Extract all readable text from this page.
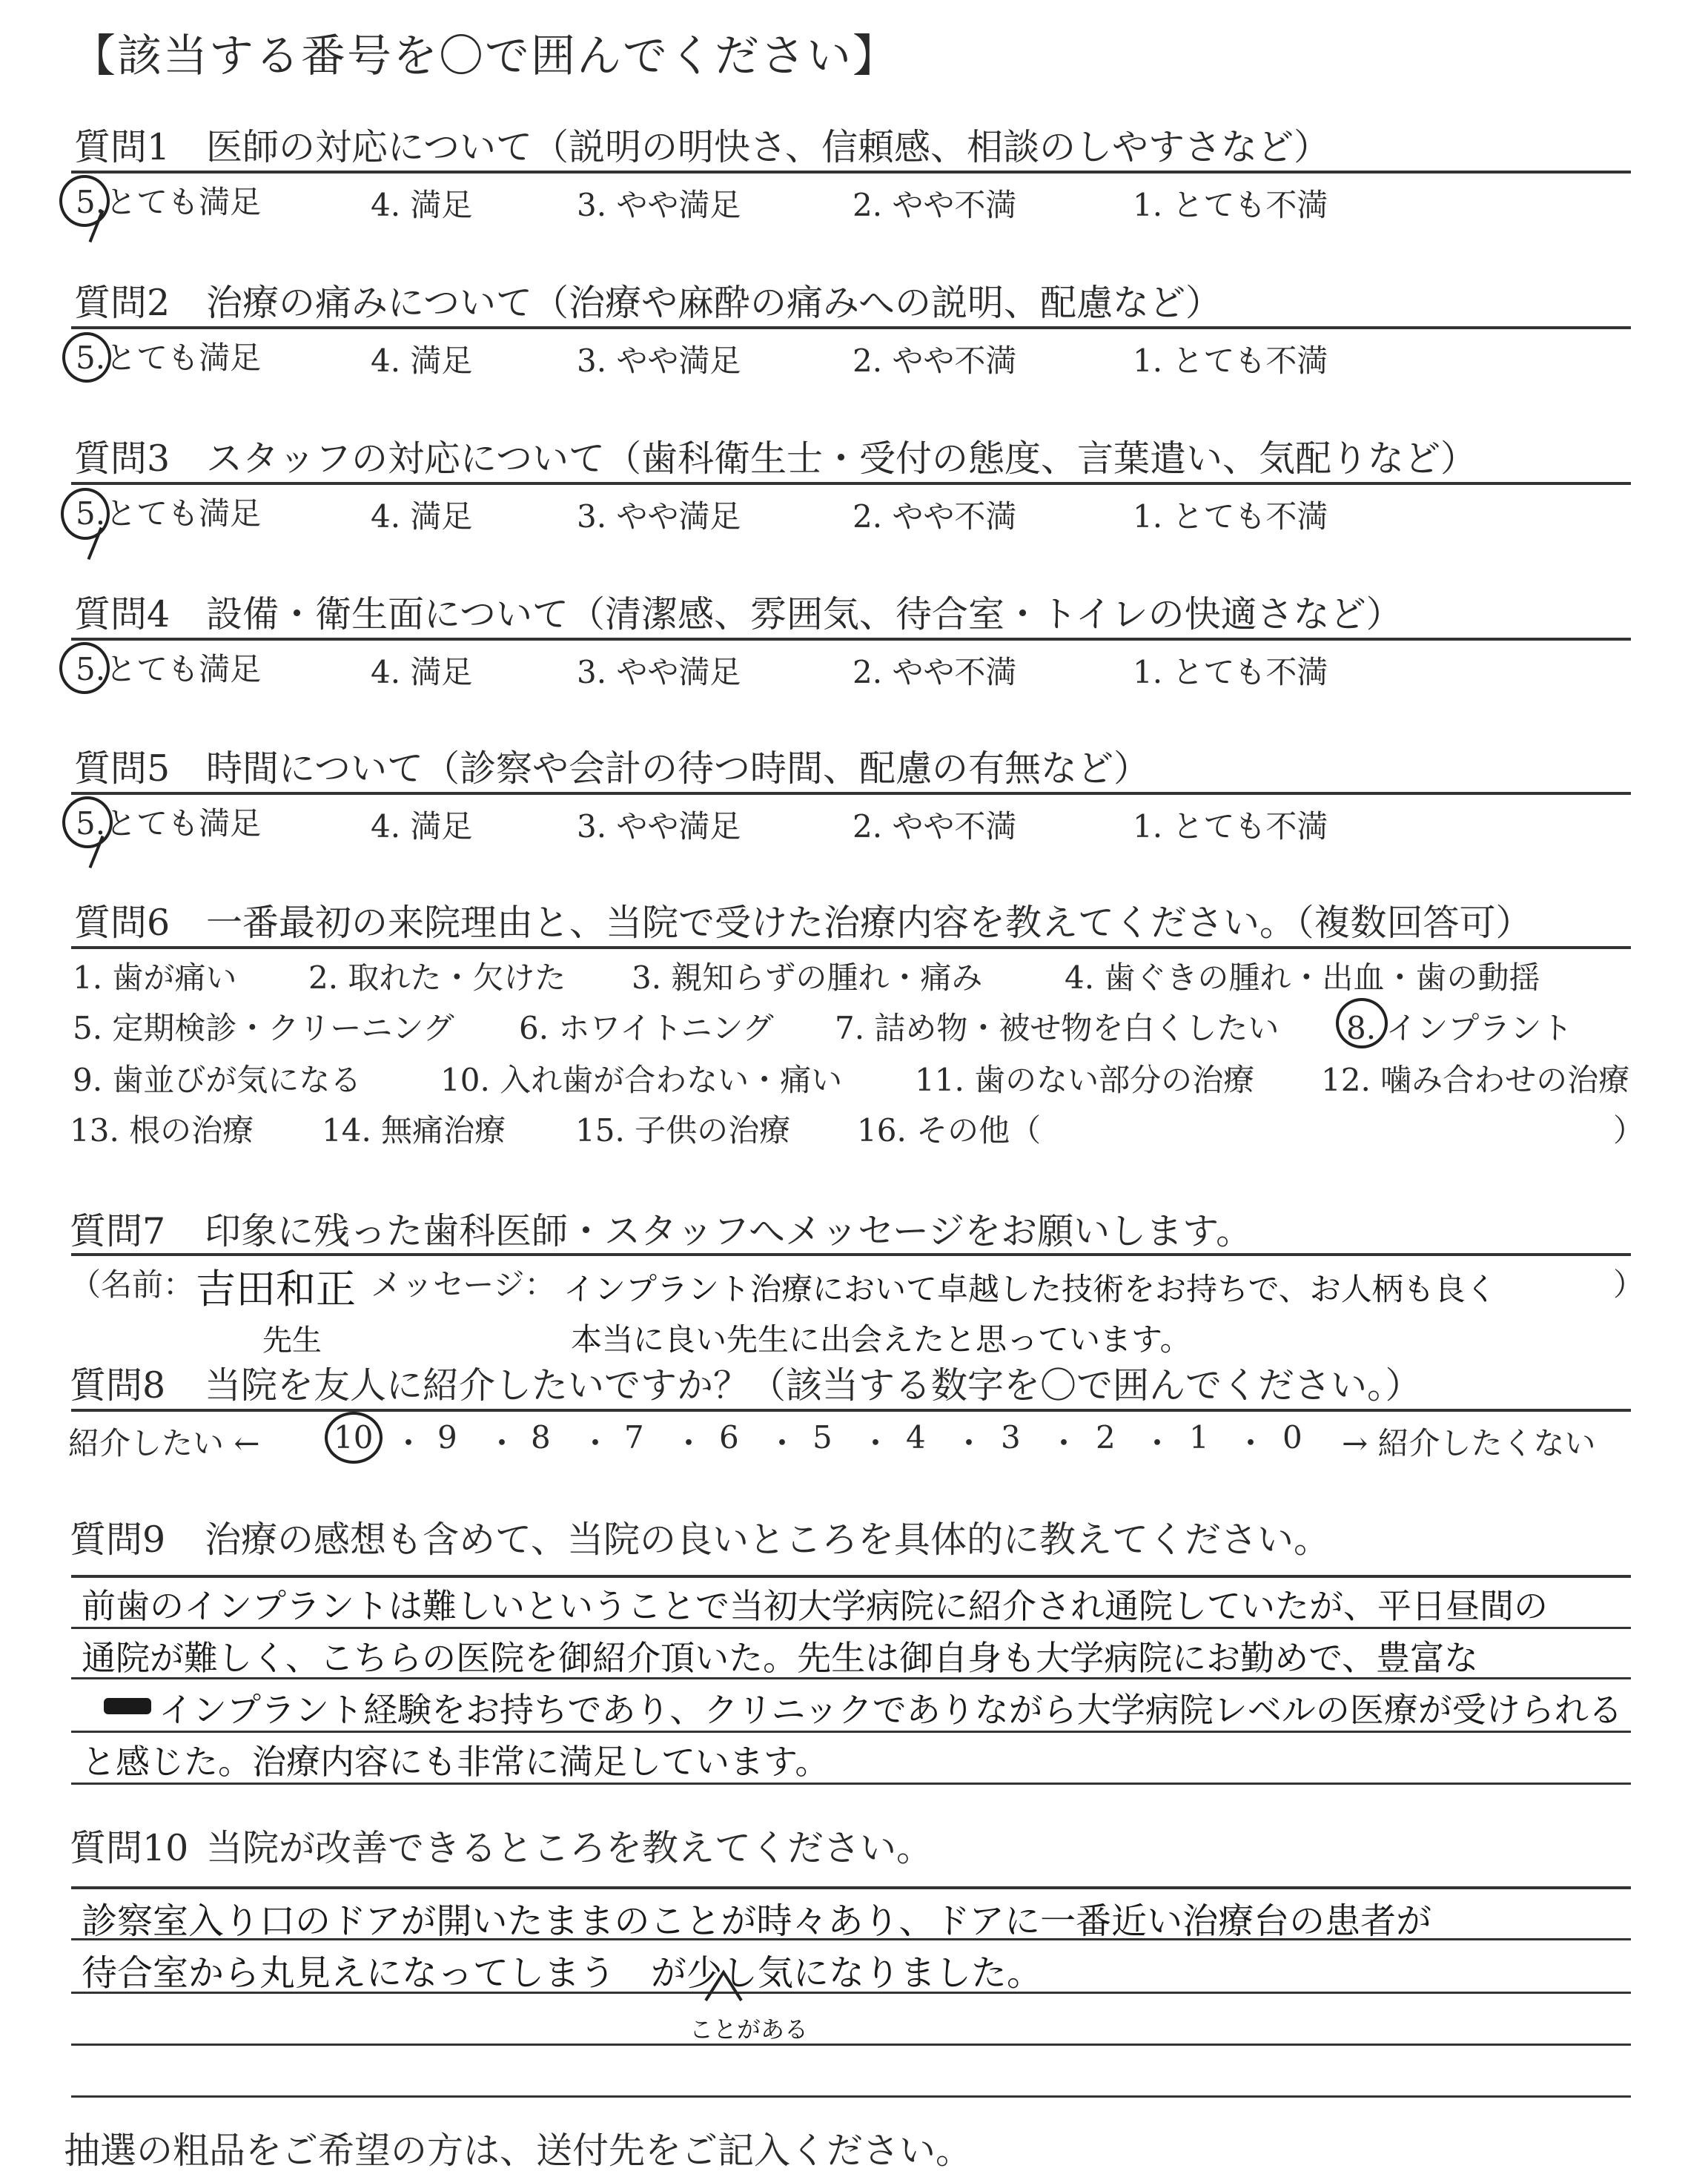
【該当する番号を〇で囲んでください】
質問1 医師の対応について（説明の明快さ、信頼感、相談のしやすさなど）
5.とても満足	4. 満足	3. やや満足	2. やや不満	1. とても不満
質問2 治療の痛みについて（治療や麻酔の痛みへの説明、配慮など）
5.とても満足	4. 満足	3. やや満足	2. やや不満	1. とても不満
質問3 スタッフの対応について（歯科衛生士・受付の態度、言葉遣い、気配りなど）
5.とても満足	4. 満足	3. やや満足	2. やや不満	1. とても不満
質問4 設備・衛生面について（清潔感、雰囲気、待合室・トイレの快適さなど）
5.とても満足	4. 満足	3. やや満足	2. やや不満	1. とても不満
質問5 時間について（診察や会計の待つ時間、配慮の有無など）
5.とても満足	4. 満足	3. やや満足	2. やや不満	1. とても不満
質問6 一番最初の来院理由と、当院で受けた治療内容を教えてください。（複数回答可）
1. 歯が痛い 2. 取れた・欠けた 3. 親知らずの腫れ・痛み	4. 歯ぐきの腫れ・出血・歯の動揺
5. 定期検診・クリーニング 6. ホワイトニング 7. 詰め物・被せ物を白くしたい 8. インプラント
9. 歯並びが気になる	10. 入れ歯が合わない・痛い 11. 歯のない部分の治療 12. 噛み合わせの治療
13. 根の治療 14. 無痛治療 15. 子供の治療 16. その他（	）
質問7 印象に残った歯科医師・スタッフへメッセージをお願いします。
（名前： 吉田和正
先生
メッセージ： インプラント治療において卓越した技術をお持ちで、お人柄も良く
本当に良い先生に出会えたと思っています。
）
質問8 当院を友人に紹介したいですか？（該当する数字を〇で囲んでください。）
紹介したい ←	→ 紹介したくない
10 ・ 9 ・ 8 ・ 7 ・ 6 ・ 5 ・ 4 ・ 3 ・ 2 ・ 1 ・ 0
質問9 治療の感想も含めて、当院の良いところを具体的に教えてください。
前歯のインプラントは難しいということで当初大学病院に紹介され通院していたが、平日昼間の
通院が難しく、こちらの医院を御紹介頂いた。先生は御自身も大学病院にお勤めで、豊富な
インプラント経験をお持ちであり、クリニックでありながら大学病院レベルの医療が受けられる
と感じた。治療内容にも非常に満足しています。
質問10 当院が改善できるところを教えてください。
診察室入り口のドアが開いたままのことが時々あり、ドアに一番近い治療台の患者が
待合室から丸見えになってしまう　が少し気になりました。
ことがある
抽選の粗品をご希望の方は、送付先をご記入ください。
